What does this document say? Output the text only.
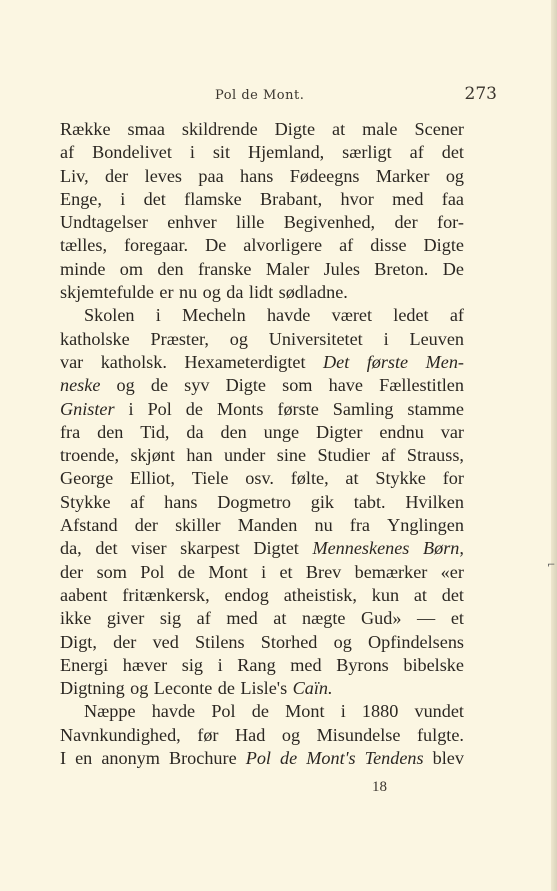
Pol de Mont.	273
Række smaa skildrende Digte at male Scener
af Bondelivet i sit Hjemland, særligt af det
Liv, der leves paa hans Fødeegns Marker og
Enge, i det flamske Brabant, hvor med faa
Undtagelser enhver lille Begivenhed, der for-
tælles, foregaar. De alvorligere af disse Digte
minde om den franske Maler Jules Breton. De
skjemtefulde er nu og da lidt sødladne.
Skolen i Mecheln havde været ledet af
katholske Præster, og Universitetet i Leuven
var katholsk. Hexameterdigtet Det første Men-
neske og de syv Digte som have Fællestitlen
Gnister i Pol de Monts første Samling stamme
fra den Tid, da den unge Digter endnu var
troende, skjønt han under sine Studier af Strauss,
George Elliot, Tiele osv. følte, at Stykke for
Stykke af hans Dogmetro gik tabt. Hvilken
Afstand der skiller Manden nu fra Ynglingen
da, det viser skarpest Digtet Menneskenes Børn,
der som Pol de Mont i et Brev bemærker «er
aabent fritænkersk, endog atheistisk, kun at det
ikke giver sig af med at nægte Gud» — et
Digt, der ved Stilens Storhed og Opfindelsens
Energi hæver sig i Rang med Byrons bibelske
Digtning og Leconte de Lisle's Caïn.
Næppe havde Pol de Mont i 1880 vundet
Navnkundighed, før Had og Misundelse fulgte.
I en anonym Brochure Pol de Mont's Tendens blev
18
⌐
